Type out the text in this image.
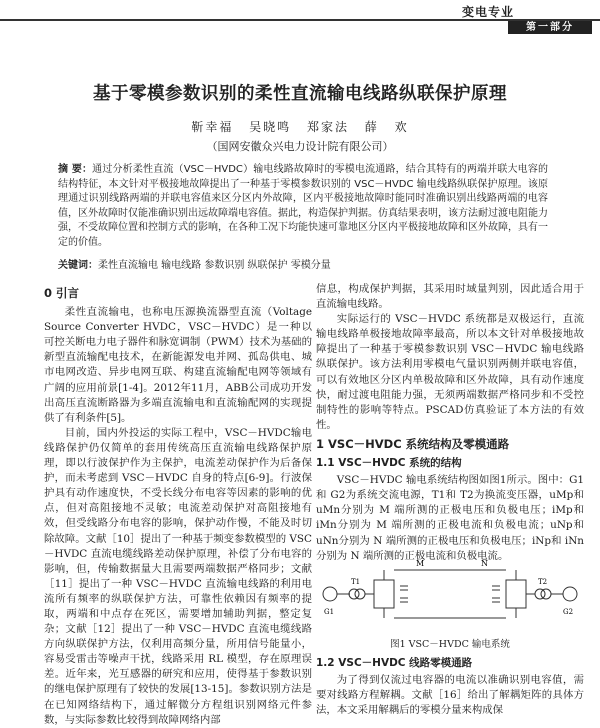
变电专业
第一部分
基于零模参数识别的柔性直流输电线路纵联保护原理
靳幸福 吴晓鸣 郑家法 薛 欢
（国网安徽众兴电力设计院有限公司）
摘 要：通过分析柔性直流（VSC－HVDC）输电线路故障时的零模电流通路，结合其特有的两端并联大电容的结构特征，本文针对平极接地故障提出了一种基于零模参数识别的 VSC－HVDC 输电线路纵联保护原理。该原理通过识别线路两端的并联电容值来区分区内外故障，区内平极接地故障时能同时准确识别出线路两端的电容值，区外故障时仅能准确识别出远故障端电容值。据此，构造保护判据。仿真结果表明，该方法耐过渡电阻能力强，不受故障位置和控制方式的影响，在各种工况下均能快速可靠地区分区内平极接地故障和区外故障，具有一定的价值。
关键词：柔性直流输电 输电线路 参数识别 纵联保护 零模分量
0 引言

柔性直流输电，也称电压源换流器型直流（Voltage Source Converter HVDC，VSC－HVDC）是一种以可控关断电力电子器件和脉宽调制（PWM）技术为基础的新型直流输配电技术，在新能源发电并网、孤岛供电、城市电网改造、异步电网互联、构建直流输配电网等领域有广阔的应用前景[1-4]。2012年11月，ABB公司成功开发出高压直流断路器为多端直流输电和直流输配网的实现提供了有利条件[5]。

目前，国内外投运的实际工程中，VSC－HVDC输电线路保护仍仅简单的套用传统高压直流输电线路保护原理，即以行波保护作为主保护，电流差动保护作为后备保护，而未考虑到 VSC－HVDC 自身的特点[6-9]。行波保护具有动作速度快，不受长线分布电容等因素的影响的优点，但对高阻接地不灵敏；电流差动保护对高阻接地有效，但受线路分布电容的影响，保护动作慢，不能及时切除故障。文献［10］提出了一种基于频变参数模型的 VSC－HVDC 直流电缆线路差动保护原理，补偿了分布电容的影响，但，传输数据量大且需要两端数据严格同步；文献［11］提出了一种 VSC－HVDC 直流输电线路的利用电流所有频率的纵联保护方法，可靠性依赖因有频率的提取，两端和中点存在死区，需要增加辅助判据，整定复杂；文献［12］提出了一种 VSC－HVDC 直流电缆线路方向纵联保护方法，仅利用高频分量，所用信号能量小，容易受雷击等噪声干扰，线路采用 RL 模型，存在原理误差。近年来，光互感器的研究和应用，使得基于参数识别的继电保护原理有了较快的发展[13-15]。参数识别方法是在已知网络结构下，通过解微分方程组识别网络元件参数，与实际参数比较得到故障网络内部

信息，构成保护判据，其采用时域量判别，因此适合用于直流输电线路。

实际运行的 VSC－HVDC 系统都是双极运行，直流输电线路单极接地故障率最高，所以本文针对单极接地故障提出了一种基于零模参数识别 VSC－HVDC 输电线路纵联保护。该方法利用零模电气量识别两侧并联电容值，可以有效地区分区内单极故障和区外故障，具有动作速度快，耐过渡电阻能力强，无须两端数据严格同步和不受控制特性的影响等特点。PSCAD仿真验证了本方法的有效性。

1 VSC－HVDC 系统结构及零模通路
1.1 VSC－HVDC 系统的结构

VSC－HVDC 输电系统结构图如图1所示。图中：G1和 G2为系统交流电源，T1和 T2为换流变压器，uMp和 uMn分别为 M 端所测的正极电压和负极电压；iMp和 iMn分别为 M 端所测的正极电流和负极电流；uNp和 uNn分别为 N 端所测的正极电压和负极电压；iNp和 iNn分别为 N 端所测的正极电流和负极电流。

M	N
G1	G2
T1	T2
图1 VSC－HVDC 输电系统
1.2 VSC－HVDC 线路零模通路

为了得到仅流过电容器的电流以准确识别电容值，需要对线路方程解耦。文献［16］给出了解耦矩阵的具体方法，本文采用解耦后的零模分量来构成保
